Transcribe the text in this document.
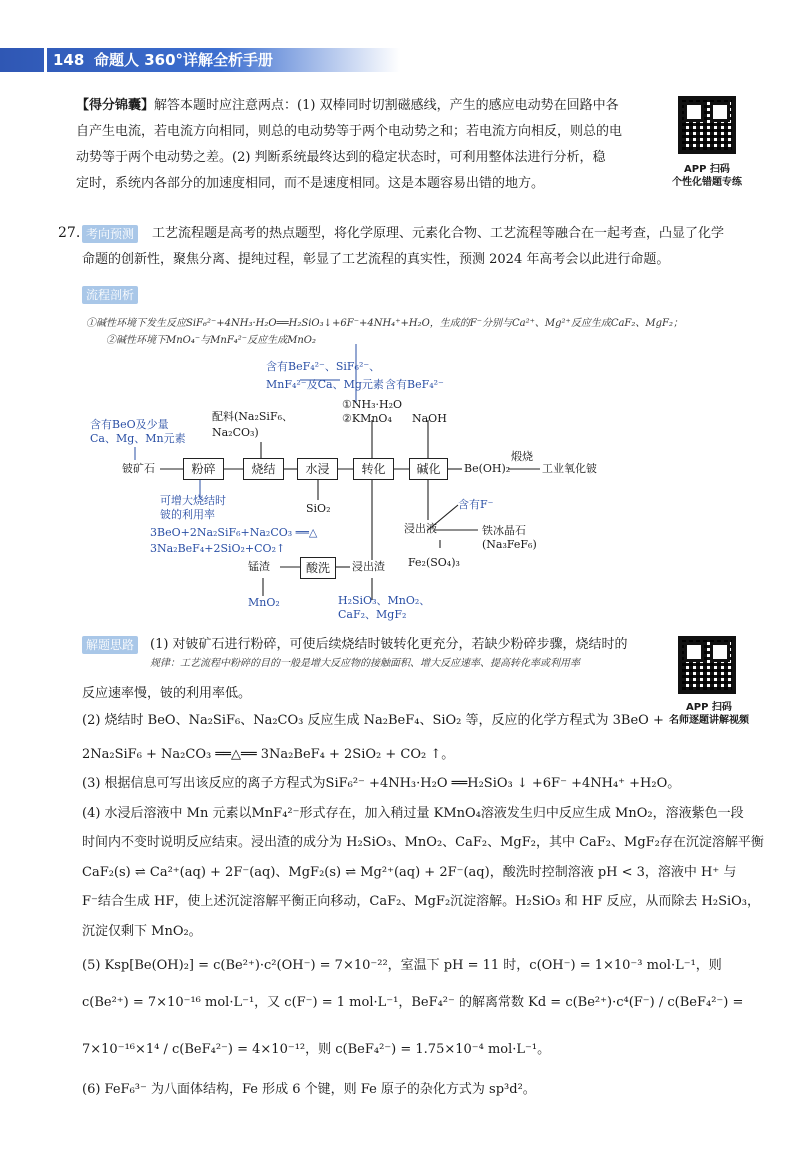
148 命题人 360°详解全析手册
【得分锦囊】解答本题时应注意两点：(1) 双棒同时切割磁感线，产生的感应电动势在回路中各
自产生电流，若电流方向相同，则总的电动势等于两个电动势之和；若电流方向相反，则总的电
动势等于两个电动势之差。(2) 判断系统最终达到的稳定状态时，可利用整体法进行分析，稳
定时，系统内各部分的加速度相同，而不是速度相同。这是本题容易出错的地方。
APP 扫码
个性化错题专练
27. 考向预测	工艺流程题是高考的热点题型，将化学原理、元素化合物、工艺流程等融合在一起考查，凸显了化学
命题的创新性，聚焦分离、提纯过程，彰显了工艺流程的真实性，预测 2024 年高考会以此进行命题。
流程剖析
①碱性环境下发生反应SiF₆²⁻+4NH₃·H₂O══H₂SiO₃↓+6F⁻+4NH₄⁺+H₂O，生成的F⁻分别与Ca²⁺、Mg²⁺反应生成CaF₂、MgF₂；
②碱性环境下MnO₄⁻与MnF₄²⁻反应生成MnO₂
含有BeF₄²⁻、SiF₆²⁻、
MnF₄²⁻及Ca、Mg元素 含有BeF₄²⁻
含有BeO及少量
Ca、Mg、Mn元素
配料(Na₂SiF₆、
Na₂CO₃)
①NH₃·H₂O
②KMnO₄ NaOH
铍矿石	粉碎	烧结	水浸	转化	碱化	Be(OH)₂
煅烧
工业氧化铍
SiO₂
可增大烧结时
铍的利用率
3BeO+2Na₂SiF₆+Na₂CO₃ ══△
3Na₂BeF₄+2SiO₂+CO₂↑
含有F⁻
浸出液	铁冰晶石
(Na₃FeF₆)
Fe₂(SO₄)₃
酸洗	浸出渣
锰渣
MnO₂	H₂SiO₃、MnO₂、
CaF₂、MgF₂
解题思路	(1) 对铍矿石进行粉碎，可使后续烧结时铍转化更充分，若缺少粉碎步骤，烧结时的
规律：工艺流程中粉碎的目的一般是增大反应物的接触面积、增大反应速率、提高转化率或利用率
反应速率慢，铍的利用率低。
APP 扫码
名师逐题讲解视频
(2) 烧结时 BeO、Na₂SiF₆、Na₂CO₃ 反应生成 Na₂BeF₄、SiO₂ 等，反应的化学方程式为 3BeO +
2Na₂SiF₆ + Na₂CO₃ ══△══ 3Na₂BeF₄ + 2SiO₂ + CO₂ ↑。
(3) 根据信息可写出该反应的离子方程式为SiF₆²⁻ +4NH₃·H₂O ══H₂SiO₃ ↓ +6F⁻ +4NH₄⁺ +H₂O。
(4) 水浸后溶液中 Mn 元素以MnF₄²⁻形式存在，加入稍过量 KMnO₄溶液发生归中反应生成 MnO₂，溶液紫色一段
时间内不变时说明反应结束。浸出渣的成分为 H₂SiO₃、MnO₂、CaF₂、MgF₂，其中 CaF₂、MgF₂存在沉淀溶解平衡
CaF₂(s) ⇌ Ca²⁺(aq) + 2F⁻(aq)、MgF₂(s) ⇌ Mg²⁺(aq) + 2F⁻(aq)，酸洗时控制溶液 pH < 3，溶液中 H⁺ 与
F⁻结合生成 HF，使上述沉淀溶解平衡正向移动，CaF₂、MgF₂沉淀溶解。H₂SiO₃ 和 HF 反应，从而除去 H₂SiO₃，
沉淀仅剩下 MnO₂。
(5) Ksp[Be(OH)₂] = c(Be²⁺)·c²(OH⁻) = 7×10⁻²²，室温下 pH = 11 时，c(OH⁻) = 1×10⁻³ mol·L⁻¹，则
c(Be²⁺) = 7×10⁻¹⁶ mol·L⁻¹，又 c(F⁻) = 1 mol·L⁻¹，BeF₄²⁻ 的解离常数 Kd = c(Be²⁺)·c⁴(F⁻) / c(BeF₄²⁻) =
7×10⁻¹⁶×1⁴ / c(BeF₄²⁻) = 4×10⁻¹²，则 c(BeF₄²⁻) = 1.75×10⁻⁴ mol·L⁻¹。
(6) FeF₆³⁻ 为八面体结构，Fe 形成 6 个键，则 Fe 原子的杂化方式为 sp³d²。
